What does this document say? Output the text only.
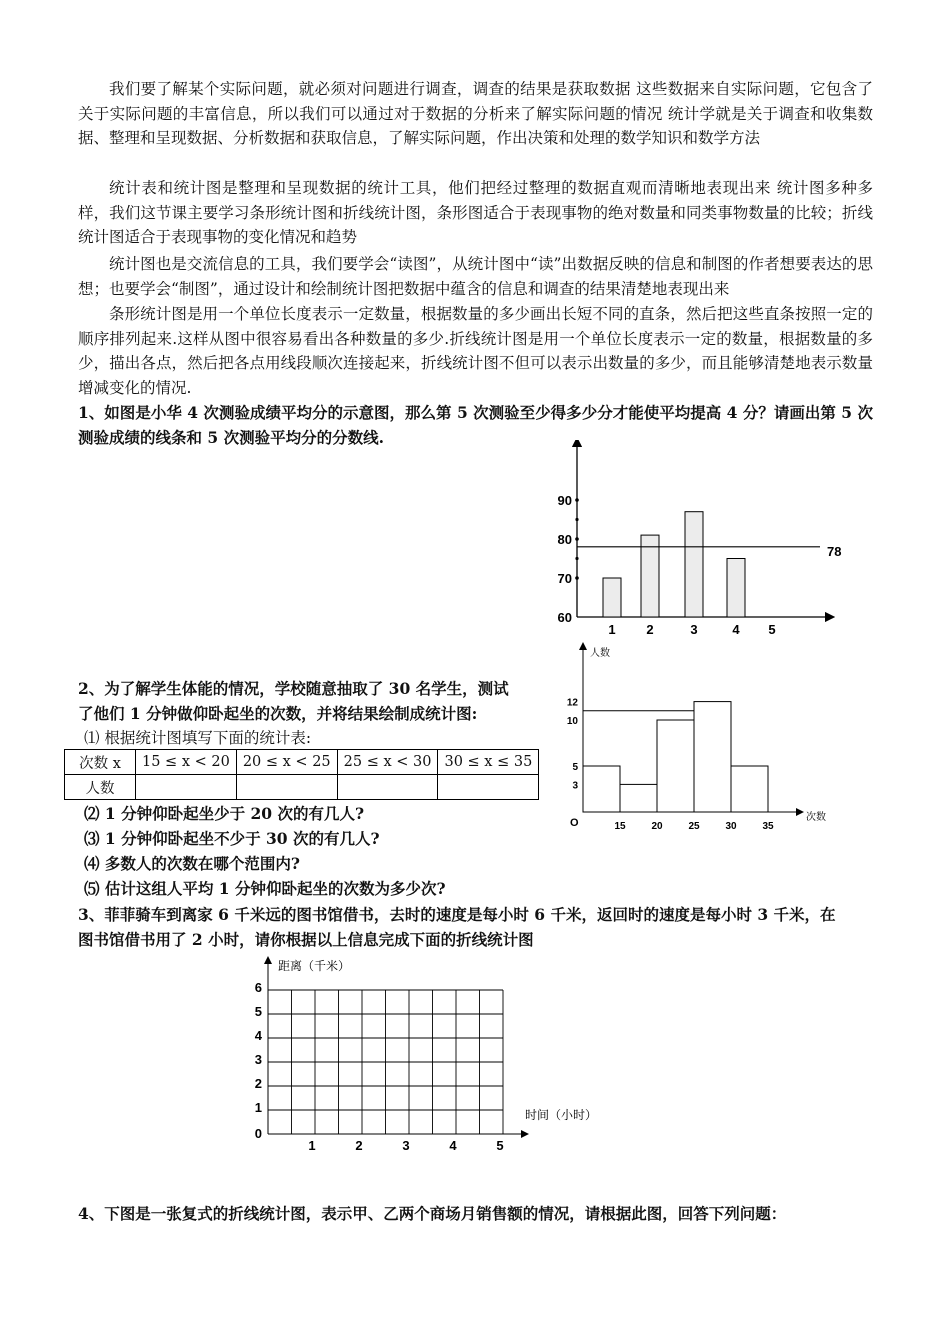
我们要了解某个实际问题，就必须对问题进行调查，调查的结果是获取数据 这些数据来自实际问题，它包含了关于实际问题的丰富信息，所以我们可以通过对于数据的分析来了解实际问题的情况 统计学就是关于调查和收集数据、整理和呈现数据、分析数据和获取信息，了解实际问题，作出决策和处理的数学知识和数学方法

统计表和统计图是整理和呈现数据的统计工具，他们把经过整理的数据直观而清晰地表现出来 统计图多种多样，我们这节课主要学习条形统计图和折线统计图，条形图适合于表现事物的绝对数量和同类事物数量的比较；折线统计图适合于表现事物的变化情况和趋势

统计图也是交流信息的工具，我们要学会“读图”，从统计图中“读”出数据反映的信息和制图的作者想要表达的思想；也要学会“制图”，通过设计和绘制统计图把数据中蕴含的信息和调查的结果清楚地表现出来

条形统计图是用一个单位长度表示一定数量，根据数量的多少画出长短不同的直条，然后把这些直条按照一定的顺序排列起来.这样从图中很容易看出各种数量的多少.折线统计图是用一个单位长度表示一定的数量，根据数量的多少，描出各点，然后把各点用线段顺次连接起来，折线统计图不但可以表示出数量的多少，而且能够清楚地表示数量增减变化的情况.

1、如图是小华 4 次测验成绩平均分的示意图，那么第 5 次测验至少得多少分才能使平均提高 4 分？请画出第 5 次测验成绩的线条和 5 次测验平均分的分数线.

60
70
80
90
1 2	3	4 5
78

2、为了解学生体能的情况，学校随意抽取了 30 名学生，测试

了他们 1 分钟做仰卧起坐的次数，并将结果绘制成统计图:

⑴ 根据统计图填写下面的统计表:

次数 x	15 ≤ x < 20	20 ≤ x < 25	25 ≤ x < 30	30 ≤ x ≤ 35
人数				

⑵ 1 分钟仰卧起坐少于 20 次的有几人?

⑶ 1 分钟仰卧起坐不少于 30 次的有几人?

⑷ 多数人的次数在哪个范围内?

⑸ 估计这组人平均 1 分钟仰卧起坐的次数为多少次?

人数
次数
O
3
5
10
12
15	20	25	30	35

3、菲菲骑车到离家 6 千米远的图书馆借书，去时的速度是每小时 6 千米，返回时的速度是每小时 3 千米，在

图书馆借书用了 2 小时，请你根据以上信息完成下面的折线统计图

距离（千米）
时间（小时）
0
1
2
3
4
5
6
1	2	3	4	5

4、下图是一张复式的折线统计图，表示甲、乙两个商场月销售额的情况，请根据此图，回答下列问题：
